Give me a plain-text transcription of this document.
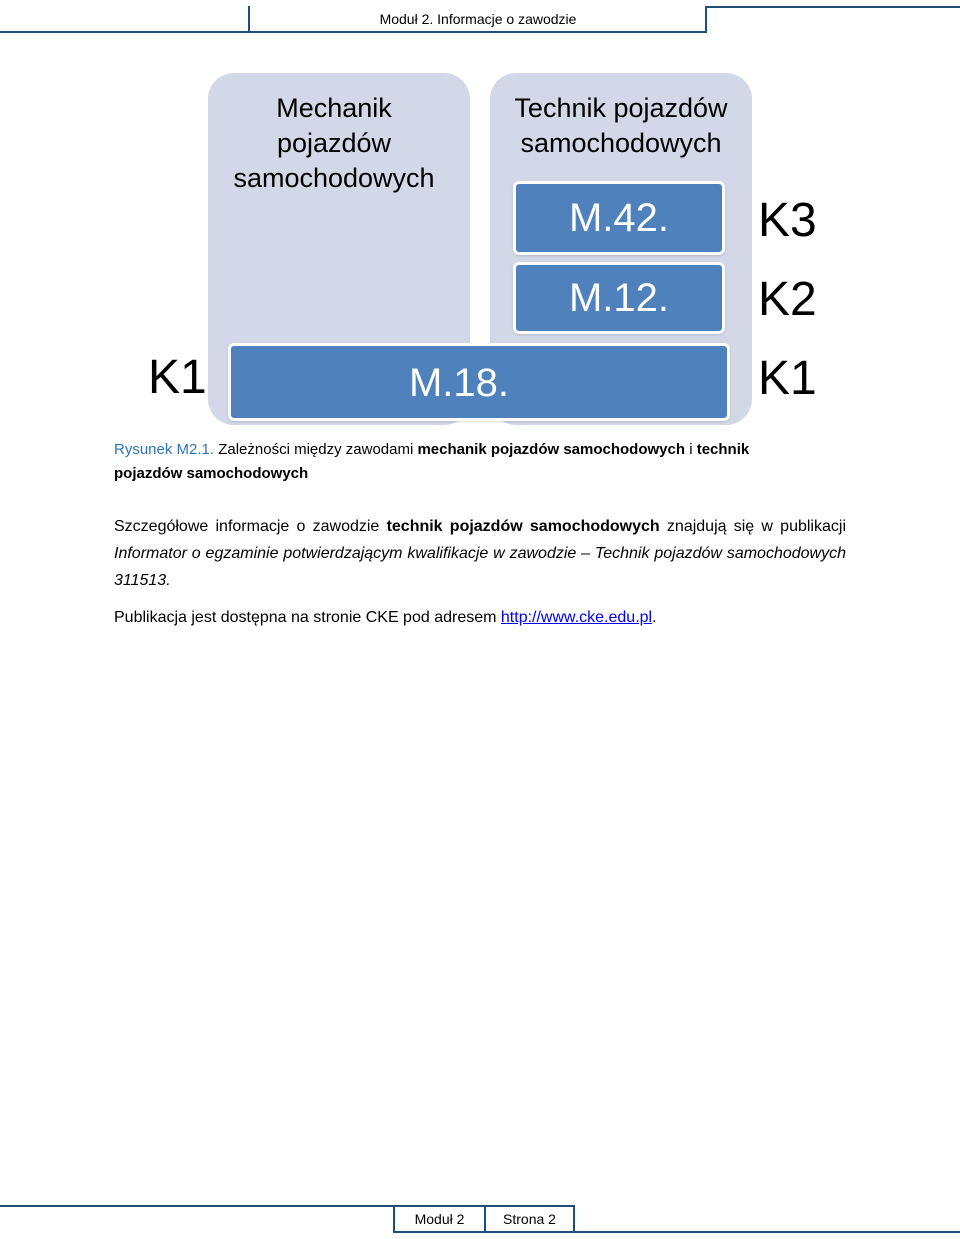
Moduł 2. Informacje o zawodzie
Mechanik pojazdów samochodowych
Technik pojazdów samochodowych
M.42.
M.12.
M.18.
K1
K3
K2
K1
Rysunek M2.1. Zależności między zawodami mechanik pojazdów samochodowych i technik pojazdów samochodowych
Szczegółowe informacje o zawodzie technik pojazdów samochodowych znajdują się w publikacji Informator o egzaminie potwierdzającym kwalifikacje w zawodzie – Technik pojazdów samochodowych 311513.
Publikacja jest dostępna na stronie CKE pod adresem http://www.cke.edu.pl.
Moduł 2	Strona 2
